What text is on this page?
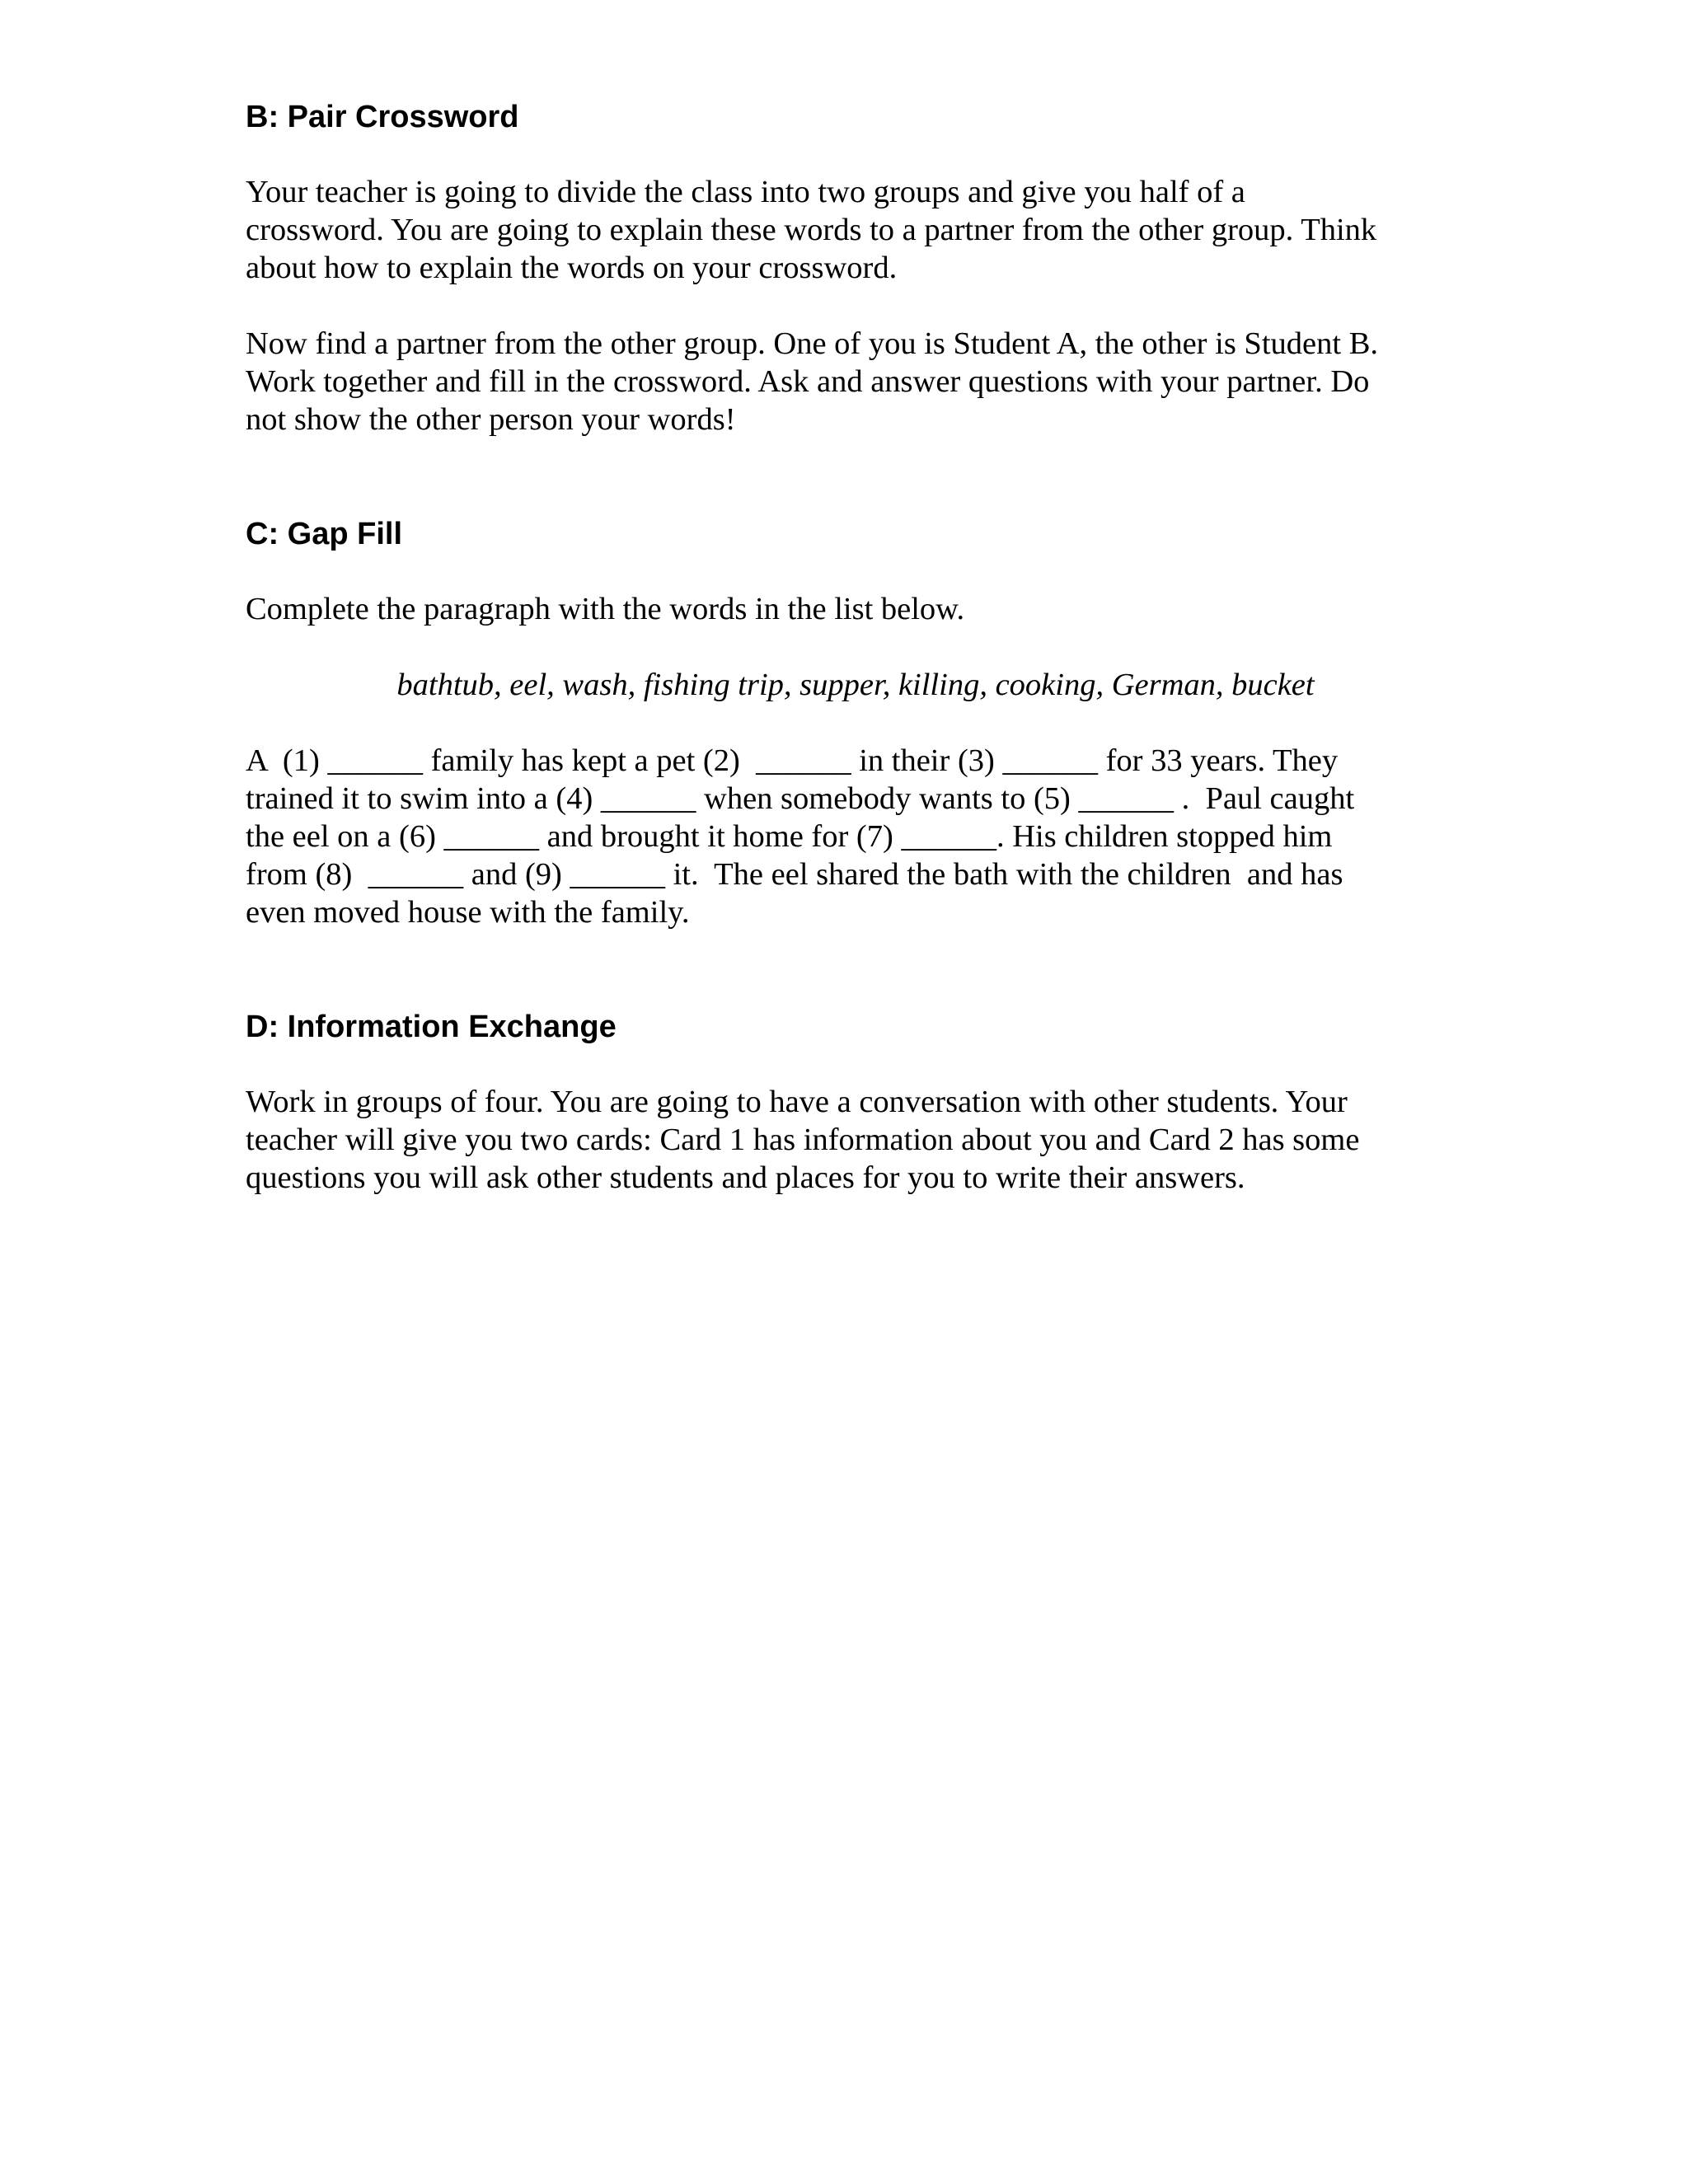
B: Pair Crossword

Your teacher is going to divide the class into two groups and give you half of a

crossword. You are going to explain these words to a partner from the other group. Think

about how to explain the words on your crossword.

Now find a partner from the other group. One of you is Student A, the other is Student B.

Work together and fill in the crossword. Ask and answer questions with your partner. Do

not show the other person your words!

C: Gap Fill

Complete the paragraph with the words in the list below.

bathtub, eel, wash, fishing trip, supper, killing, cooking, German, bucket

A  (1) ______ family has kept a pet (2)  ______ in their (3) ______ for 33 years. They

trained it to swim into a (4) ______ when somebody wants to (5) ______ .  Paul caught

the eel on a (6) ______ and brought it home for (7) ______. His children stopped him

from (8)  ______ and (9) ______ it.  The eel shared the bath with the children  and has

even moved house with the family.

D: Information Exchange

Work in groups of four. You are going to have a conversation with other students. Your

teacher will give you two cards: Card 1 has information about you and Card 2 has some

questions you will ask other students and places for you to write their answers.
